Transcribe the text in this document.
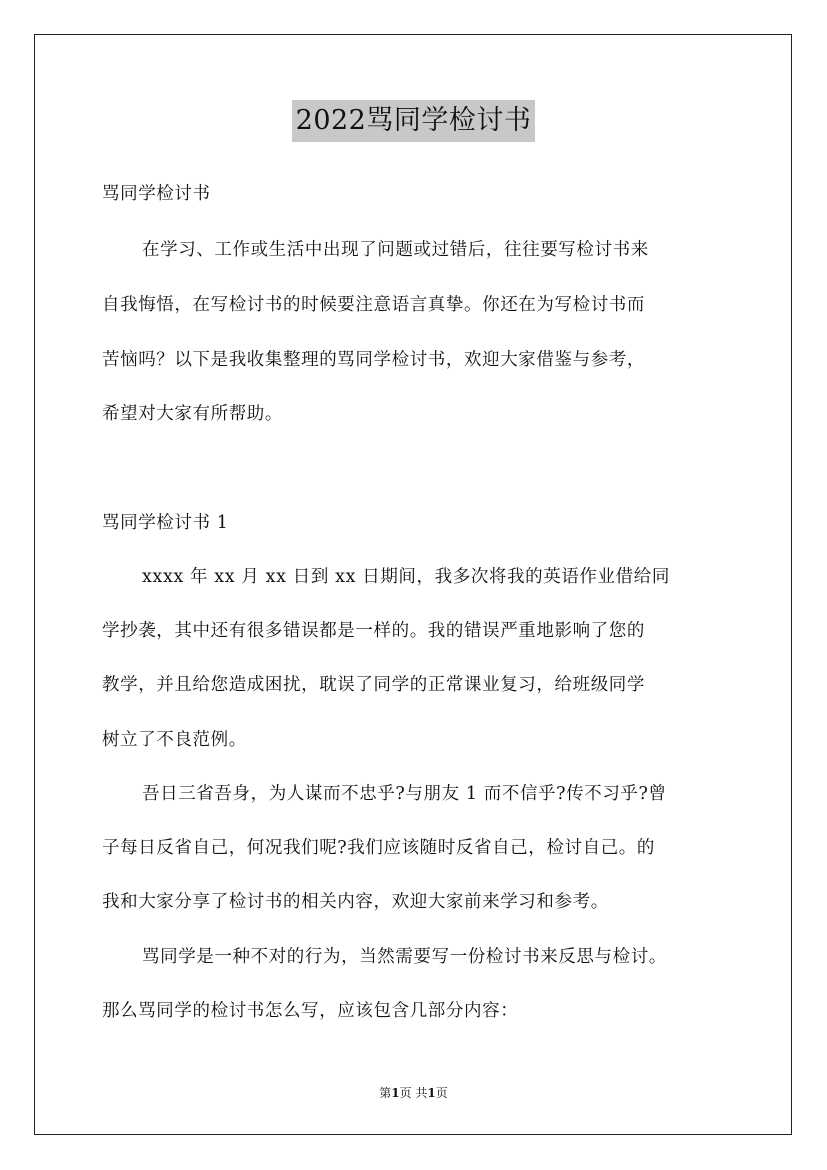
2022骂同学检讨书
骂同学检讨书
在学习、工作或生活中出现了问题或过错后，往往要写检讨书来
自我悔悟，在写检讨书的时候要注意语言真挚。你还在为写检讨书而
苦恼吗？以下是我收集整理的骂同学检讨书，欢迎大家借鉴与参考，
希望对大家有所帮助。
骂同学检讨书 1
xxxx 年 xx 月 xx 日到 xx 日期间，我多次将我的英语作业借给同
学抄袭，其中还有很多错误都是一样的。我的错误严重地影响了您的
教学，并且给您造成困扰，耽误了同学的正常课业复习，给班级同学
树立了不良范例。
吾日三省吾身，为人谋而不忠乎?与朋友 1 而不信乎?传不习乎?曾
子每日反省自己，何况我们呢?我们应该随时反省自己，检讨自己。的
我和大家分享了检讨书的相关内容，欢迎大家前来学习和参考。
骂同学是一种不对的行为，当然需要写一份检讨书来反思与检讨。
那么骂同学的检讨书怎么写，应该包含几部分内容：
第1页 共1页
